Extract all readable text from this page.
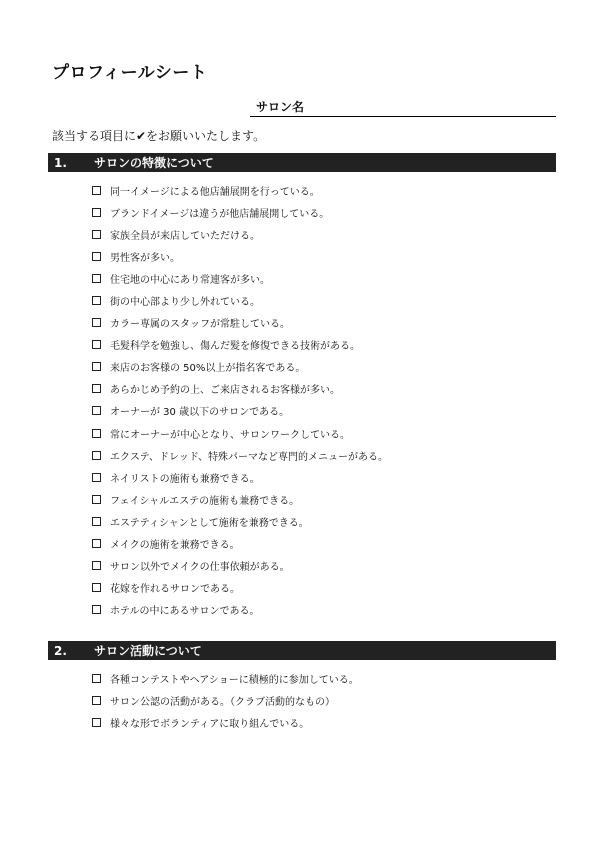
プロフィールシート
サロン名
該当する項目に✔をお願いいたします。
1. サロンの特徴について
同一イメージによる他店舗展開を行っている。
ブランドイメージは違うが他店舗展開している。
家族全員が来店していただける。
男性客が多い。
住宅地の中心にあり常連客が多い。
街の中心部より少し外れている。
カラー専属のスタッフが常駐している。
毛髪科学を勉強し、傷んだ髪を修復できる技術がある。
来店のお客様の 50%以上が指名客である。
あらかじめ予約の上、ご来店されるお客様が多い。
オーナーが 30 歳以下のサロンである。
常にオーナーが中心となり、サロンワークしている。
エクステ、ドレッド、特殊パーマなど専門的メニューがある。
ネイリストの施術も兼務できる。
フェイシャルエステの施術も兼務できる。
エステティシャンとして施術を兼務できる。
メイクの施術を兼務できる。
サロン以外でメイクの仕事依頼がある。
花嫁を作れるサロンである。
ホテルの中にあるサロンである。
2. サロン活動について
各種コンテストやヘアショーに積極的に参加している。
サロン公認の活動がある。（クラブ活動的なもの）
様々な形でボランティアに取り組んでいる。
